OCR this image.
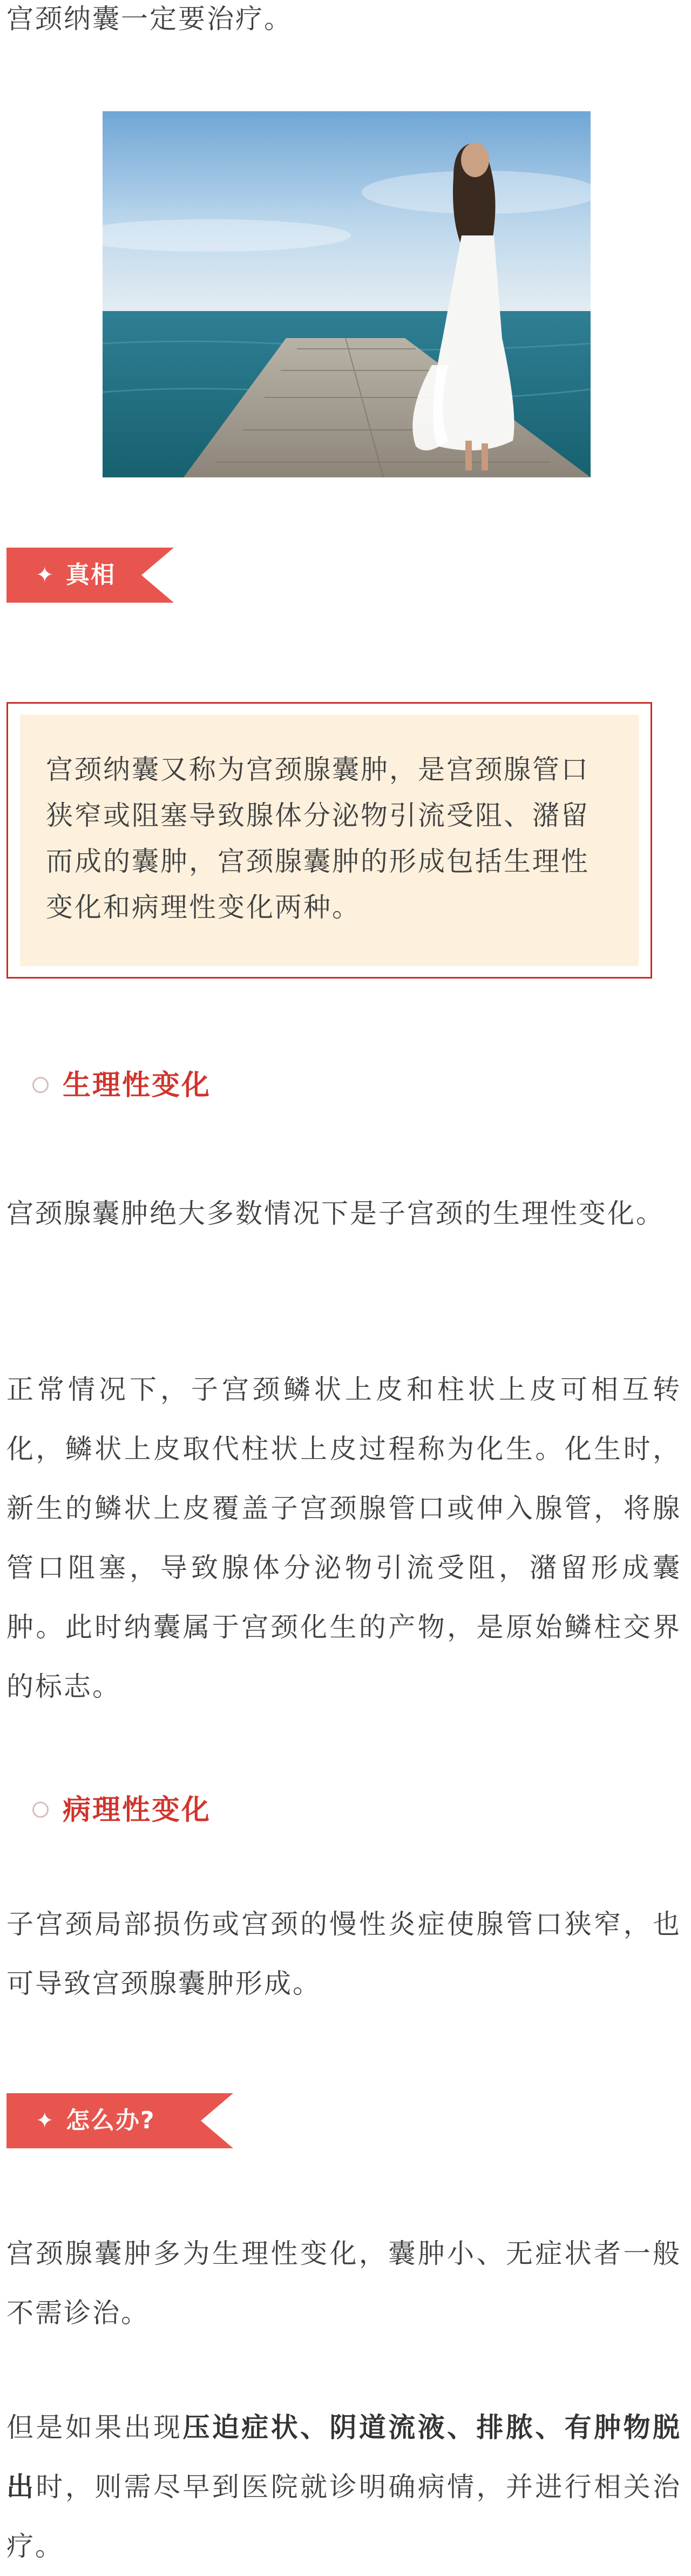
宫颈纳囊一定要治疗。

✦ 真相

宫颈纳囊又称为宫颈腺囊肿，是宫颈腺管口狭窄或阻塞导致腺体分泌物引流受阻、潴留而成的囊肿，宫颈腺囊肿的形成包括生理性变化和病理性变化两种。

生理性变化

宫颈腺囊肿绝大多数情况下是子宫颈的生理性变化。

正常情况下，子宫颈鳞状上皮和柱状上皮可相互转化，鳞状上皮取代柱状上皮过程称为化生。化生时，新生的鳞状上皮覆盖子宫颈腺管口或伸入腺管，将腺管口阻塞，导致腺体分泌物引流受阻，潴留形成囊肿。此时纳囊属于宫颈化生的产物，是原始鳞柱交界的标志。

病理性变化

子宫颈局部损伤或宫颈的慢性炎症使腺管口狭窄，也可导致宫颈腺囊肿形成。

✦ 怎么办?

宫颈腺囊肿多为生理性变化，囊肿小、无症状者一般不需诊治。

但是如果出现压迫症状、阴道流液、排脓、有肿物脱出时，则需尽早到医院就诊明确病情，并进行相关治疗。
